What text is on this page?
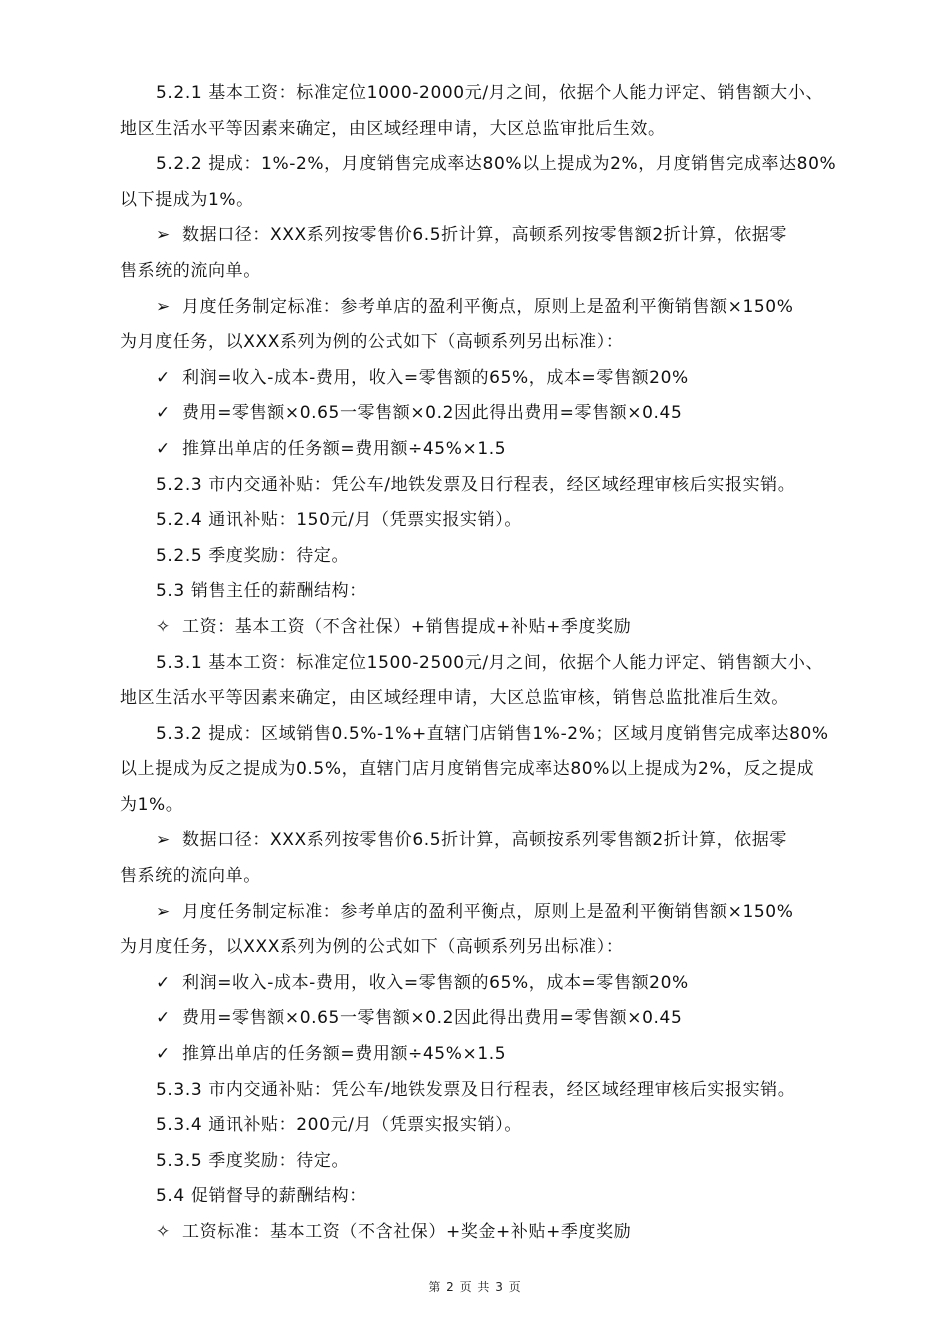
5.2.1 基本工资：标准定位1000-2000元/月之间，依据个人能力评定、销售额大小、
地区生活水平等因素来确定，由区域经理申请，大区总监审批后生效。
5.2.2 提成：1%-2%，月度销售完成率达80%以上提成为2%，月度销售完成率达80%
以下提成为1%。
➢ 数据口径：XXX系列按零售价6.5折计算，高顿系列按零售额2折计算，依据零
售系统的流向单。
➢ 月度任务制定标准：参考单店的盈利平衡点，原则上是盈利平衡销售额×150%
为月度任务，以XXX系列为例的公式如下（高顿系列另出标准）：
✓ 利润=收入-成本-费用，收入=零售额的65%，成本=零售额20%
✓ 费用=零售额×0.65一零售额×0.2因此得出费用=零售额×0.45
✓ 推算出单店的任务额=费用额÷45%×1.5
5.2.3 市内交通补贴：凭公车/地铁发票及日行程表，经区域经理审核后实报实销。
5.2.4 通讯补贴：150元/月（凭票实报实销）。
5.2.5 季度奖励：待定。
5.3 销售主任的薪酬结构：
✧ 工资：基本工资（不含社保）+销售提成+补贴+季度奖励
5.3.1 基本工资：标准定位1500-2500元/月之间，依据个人能力评定、销售额大小、
地区生活水平等因素来确定，由区域经理申请，大区总监审核，销售总监批准后生效。
5.3.2 提成：区域销售0.5%-1%+直辖门店销售1%-2%；区域月度销售完成率达80%
以上提成为反之提成为0.5%，直辖门店月度销售完成率达80%以上提成为2%，反之提成
为1%。
➢ 数据口径：XXX系列按零售价6.5折计算，高顿按系列零售额2折计算，依据零
售系统的流向单。
➢ 月度任务制定标准：参考单店的盈利平衡点，原则上是盈利平衡销售额×150%
为月度任务，以XXX系列为例的公式如下（高顿系列另出标准）：
✓ 利润=收入-成本-费用，收入=零售额的65%，成本=零售额20%
✓ 费用=零售额×0.65一零售额×0.2因此得出费用=零售额×0.45
✓ 推算出单店的任务额=费用额÷45%×1.5
5.3.3 市内交通补贴：凭公车/地铁发票及日行程表，经区域经理审核后实报实销。
5.3.4 通讯补贴：200元/月（凭票实报实销）。
5.3.5 季度奖励：待定。
5.4 促销督导的薪酬结构：
✧ 工资标准：基本工资（不含社保）+奖金+补贴+季度奖励
第 2 页 共 3 页
